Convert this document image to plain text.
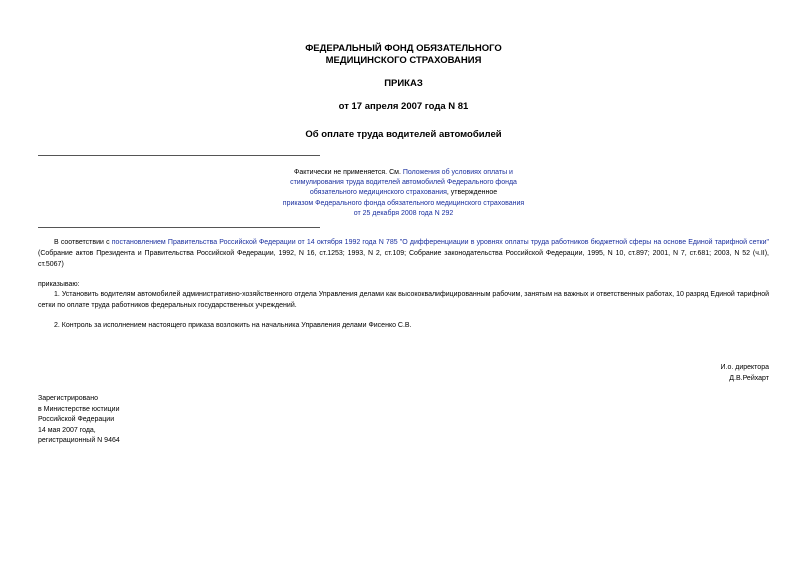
ФЕДЕРАЛЬНЫЙ ФОНД ОБЯЗАТЕЛЬНОГО
МЕДИЦИНСКОГО СТРАХОВАНИЯ
ПРИКАЗ
от 17 апреля 2007 года N 81
Об оплате труда водителей автомобилей
Фактически не применяется. См. Положения об условиях оплаты и
стимулирования труда водителей автомобилей Федерального фонда
обязательного медицинского страхования, утвержденное
приказом Федерального фонда обязательного медицинского страхования
от 25 декабря 2008 года N 292
В соответствии с постановлением Правительства Российской Федерации от 14 октября 1992 года N 785 "О дифференциации в уровнях оплаты труда работников бюджетной сферы на основе Единой тарифной сетки" (Собрание актов Президента и Правительства Российской Федерации, 1992, N 16, ст.1253; 1993, N 2, ст.109; Собрание законодательства Российской Федерации, 1995, N 10, ст.897; 2001, N 7, ст.681; 2003, N 52 (ч.II), ст.5067)
приказываю:
1. Установить водителям автомобилей административно-хозяйственного отдела Управления делами как высококвалифицированным рабочим, занятым на важных и ответственных работах, 10 разряд Единой тарифной сетки по оплате труда работников федеральных государственных учреждений.
2. Контроль за исполнением настоящего приказа возложить на начальника Управления делами Фисенко С.В.
И.о. директора
Д.В.Рейхарт
Зарегистрировано
в Министерстве юстиции
Российской Федерации
14 мая 2007 года,
регистрационный N 9464
